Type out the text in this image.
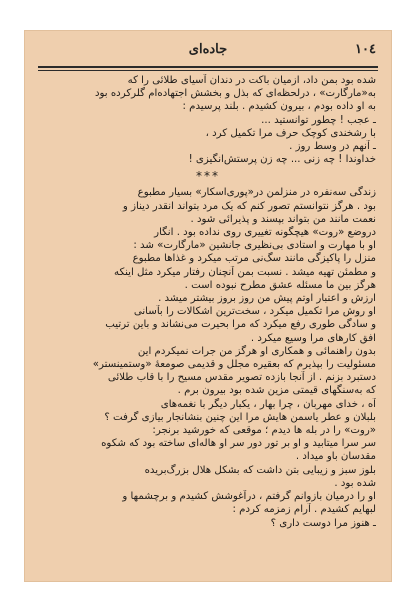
۱۰٤
جاده‌ای

شده بود بمن داد، ازمیان باکت در دندان آسیای طلائی را که

به«مارگارت» ، درلحظه‌ای که بذل و بخشش اجتهاده‌ام گلرکرده بود

به‌ او داده بودم ، بیرون کشیدم . بلند پرسیدم :

ـ عجب ! چطور توانستید ...

با رشخندی کوچک حرف مرا تکمیل کرد ،

ـ آنهم در وسط روز .

خداوندا ! چه زنی ... چه زن پرستش‌انگیزی !

***

زندگی سه‌نفره در منزلمن در«پوری‌اسکار» بسیار مطبوع

بود . هرگز نتوانستم تصور کنم که یک مرد بتواند انقدر دیناز و

نعمت مانند من بتواند بپسند و پذیرائی شود .

دروضع «روت» هیچگونه تغییری روی نداده بود . انگار

او با مهارت و استادی بی‌نظیری جانشین «مارگارت» شد :

منزل را پاکیزگی مانند سگ‌نی مرتب میکرد و غذاها مطبوع

و مطمئن تهیه میشد . نسبت بمن آنچنان رفتار میکرد مثل اینکه

هرگز بین ما مسئله عشق مطرح نبوده است .

ارزش و اعتبار اوتم پیش من روز بروز بیشتر میشد .

او روش مرا تکمیل میکرد ، سخت‌ترین اشکالات را بآسانی

و سادگی طوری رفع میکرد که مرا بحیرت می‌نشاند و باین ترتیب

افق کارهای مرا وسیع میکرد .

بدون راهنمائی و همکاری او هرگز من جرات نمیکردم این

مسئولیت را بپذیرم که بعقیره مجلل و قدیمی صومعهٔ «وستمینستر»

دستبرد بزنم . از آنجا بازده تصویر مقدس مسیح را با قاب طلائی

که به‌سنگهای قیمتی مزین شده بود بیرون برم .

آه ، خدای مهربان ، چرا بهار ، یکبار دیگر با نغمه‌های

بلبلان و عطر یاسمن هایش مرا این چنین بنشانجار بیازی گرفت ؟

«روت» را در بله ها دیدم ؛ موقعی که خورشید برنجر:

سر سرا میتابید و او بر تور دور سر او هاله‌ای ساخته بود که شکوه

مقدسان باو میداد .

بلوز سبز و زیبایی بتن داشت که بشکل هلال بزرگ‌بریده

شده بود .

او را درمیان بازوانم گرفتم ، درآغوشش کشیدم و برچشمها و

لبهایم کشیدم . آرام زمزمه کردم :

ـ هنوز مرا دوست داری ؟
